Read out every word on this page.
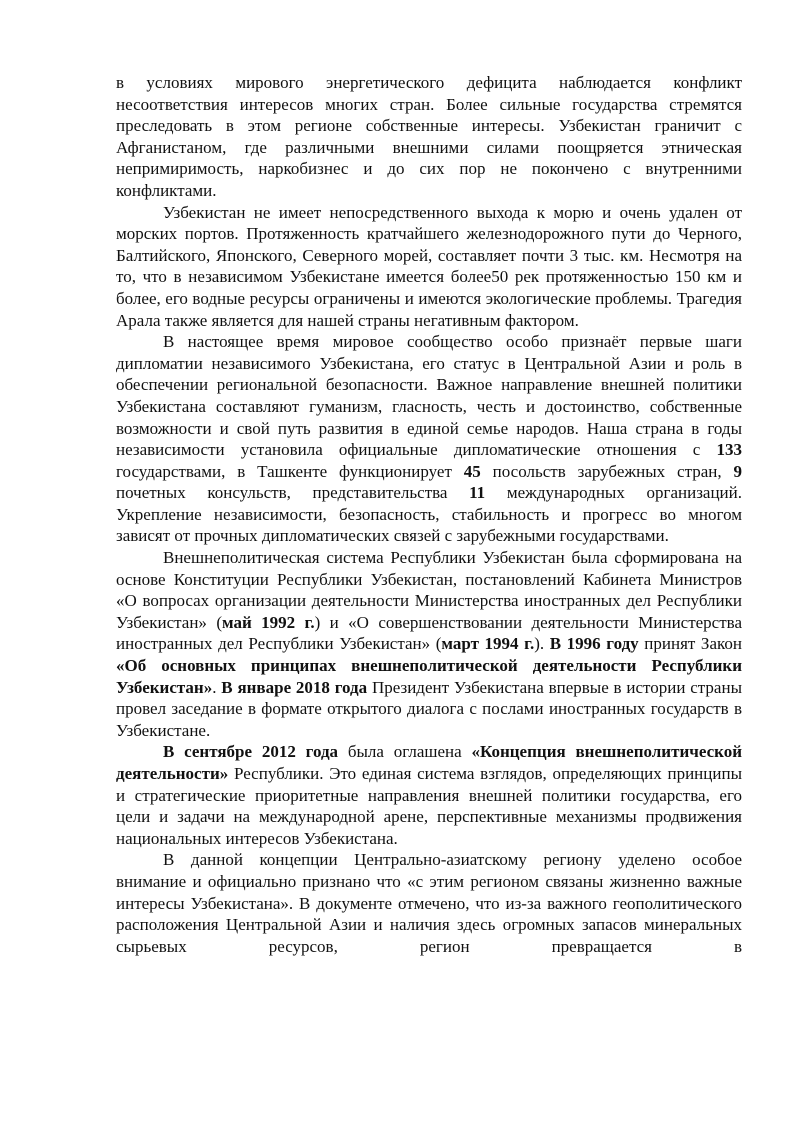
в условиях мирового энергетического дефицита наблюдается конфликт несоответствия интересов многих стран. Более сильные государства стремятся преследовать в этом регионе собственные интересы. Узбекистан граничит с Афганистаном, где различными внешними силами поощряется этническая непримиримость, наркобизнес и до сих пор не покончено с внутренними конфликтами.

Узбекистан не имеет непосредственного выхода к морю и очень удален от морских портов. Протяженность кратчайшего железнодорожного пути до Черного, Балтийского, Японского, Северного морей, составляет почти 3 тыс. км. Несмотря на то, что в независимом Узбекистане имеется более50 рек протяженностью 150 км и более, его водные ресурсы ограничены и имеются экологические проблемы. Трагедия Арала также является для нашей страны негативным фактором.

В настоящее время мировое сообщество особо признаёт первые шаги дипломатии независимого Узбекистана, его статус в Центральной Азии и роль в обеспечении региональной безопасности. Важное направление внешней политики Узбекистана составляют гуманизм, гласность, честь и достоинство, собственные возможности и свой путь развития в единой семье народов. Наша страна в годы независимости установила официальные дипломатические отношения с 133 государствами, в Ташкенте функционирует 45 посольств зарубежных стран, 9 почетных консульств, представительства 11 международных организаций. Укрепление независимости, безопасность, стабильность и прогресс во многом зависят от прочных дипломатических связей с зарубежными государствами.

Внешнеполитическая система Республики Узбекистан была сформирована на основе Конституции Республики Узбекистан, постановлений Кабинета Министров «О вопросах организации деятельности Министерства иностранных дел Республики Узбекистан» (май 1992 г.) и «О совершенствовании деятельности Министерства иностранных дел Республики Узбекистан» (март 1994 г.). В 1996 году принят Закон «Об основных принципах внешнеполитической деятельности Республики Узбекистан». В январе 2018 года Президент Узбекистана впервые в истории страны провел заседание в формате открытого диалога с послами иностранных государств в Узбекистане.

В сентябре 2012 года была оглашена «Концепция внешнеполитической деятельности» Республики. Это единая система взглядов, определяющих принципы и стратегические приоритетные направления внешней политики государства, его цели и задачи на международной арене, перспективные механизмы продвижения национальных интересов Узбекистана.

В данной концепции Центрально-азиатскому региону уделено особое внимание и официально признано что «с этим регионом связаны жизненно важные интересы Узбекистана». В документе отмечено, что из-за важного геополитического расположения Центральной Азии и наличия здесь огромных запасов минеральных сырьевых ресурсов, регион превращается в
